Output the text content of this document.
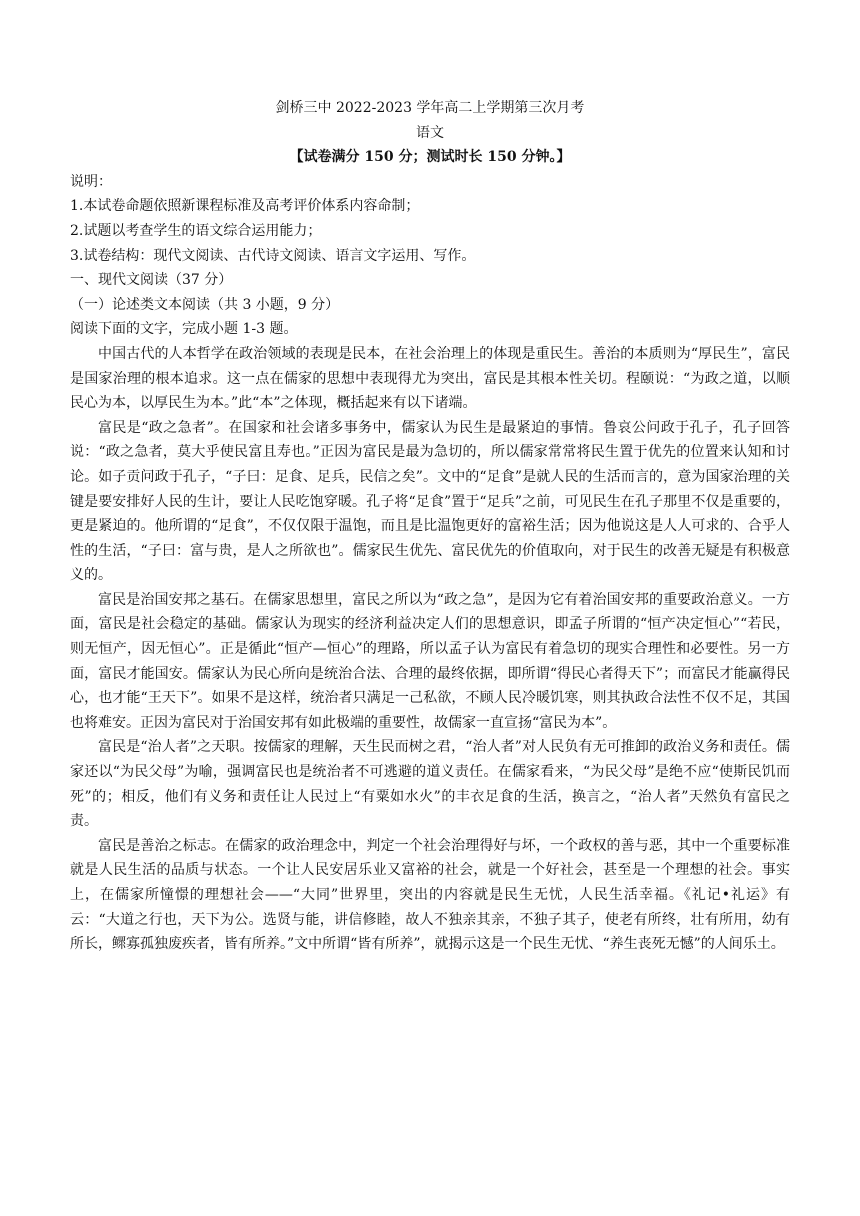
剑桥三中 2022-2023 学年高二上学期第三次月考

语文

【试卷满分 150 分；测试时长 150 分钟。】

说明：

1.本试卷命题依照新课程标准及高考评价体系内容命制；

2.试题以考查学生的语文综合运用能力；

3.试卷结构：现代文阅读、古代诗文阅读、语言文字运用、写作。

一、现代文阅读（37 分）

（一）论述类文本阅读（共 3 小题，9 分）

阅读下面的文字，完成小题 1-3 题。

中国古代的人本哲学在政治领域的表现是民本，在社会治理上的体现是重民生。善治的本质则为“厚民生”，富民是国家治理的根本追求。这一点在儒家的思想中表现得尤为突出，富民是其根本性关切。程颐说：“为政之道，以顺民心为本，以厚民生为本。”此“本”之体现，概括起来有以下诸端。

富民是“政之急者”。在国家和社会诸多事务中，儒家认为民生是最紧迫的事情。鲁哀公问政于孔子，孔子回答说：“政之急者，莫大乎使民富且寿也。”正因为富民是最为急切的，所以儒家常常将民生置于优先的位置来认知和讨论。如子贡问政于孔子，“子曰：足食、足兵，民信之矣”。文中的“足食”是就人民的生活而言的，意为国家治理的关键是要安排好人民的生计，要让人民吃饱穿暖。孔子将“足食”置于“足兵”之前，可见民生在孔子那里不仅是重要的，更是紧迫的。他所谓的“足食”，不仅仅限于温饱，而且是比温饱更好的富裕生活；因为他说这是人人可求的、合乎人性的生活，“子曰：富与贵，是人之所欲也”。儒家民生优先、富民优先的价值取向，对于民生的改善无疑是有积极意义的。

富民是治国安邦之基石。在儒家思想里，富民之所以为“政之急”，是因为它有着治国安邦的重要政治意义。一方面，富民是社会稳定的基础。儒家认为现实的经济利益决定人们的思想意识，即孟子所谓的“恒产决定恒心”“若民，则无恒产，因无恒心”。正是循此“恒产—恒心”的理路，所以孟子认为富民有着急切的现实合理性和必要性。另一方面，富民才能国安。儒家认为民心所向是统治合法、合理的最终依据，即所谓“得民心者得天下”；而富民才能赢得民心，也才能“王天下”。如果不是这样，统治者只满足一己私欲，不顾人民冷暖饥寒，则其执政合法性不仅不足，其国也将难安。正因为富民对于治国安邦有如此极端的重要性，故儒家一直宣扬“富民为本”。

富民是“治人者”之天职。按儒家的理解，天生民而树之君，“治人者”对人民负有无可推卸的政治义务和责任。儒家还以“为民父母”为喻，强调富民也是统治者不可逃避的道义责任。在儒家看来，“为民父母”是绝不应“使斯民饥而死”的；相反，他们有义务和责任让人民过上“有粟如水火”的丰衣足食的生活，换言之，“治人者”天然负有富民之责。

富民是善治之标志。在儒家的政治理念中，判定一个社会治理得好与坏，一个政权的善与恶，其中一个重要标准就是人民生活的品质与状态。一个让人民安居乐业又富裕的社会，就是一个好社会，甚至是一个理想的社会。事实上，在儒家所憧憬的理想社会——“大同”世界里，突出的内容就是民生无忧，人民生活幸福。《礼记•礼运》有云：“大道之行也，天下为公。选贤与能，讲信修睦，故人不独亲其亲，不独子其子，使老有所终，壮有所用，幼有所长，鳏寡孤独废疾者，皆有所养。”文中所谓“皆有所养”，就揭示这是一个民生无忧、“养生丧死无憾”的人间乐土。
